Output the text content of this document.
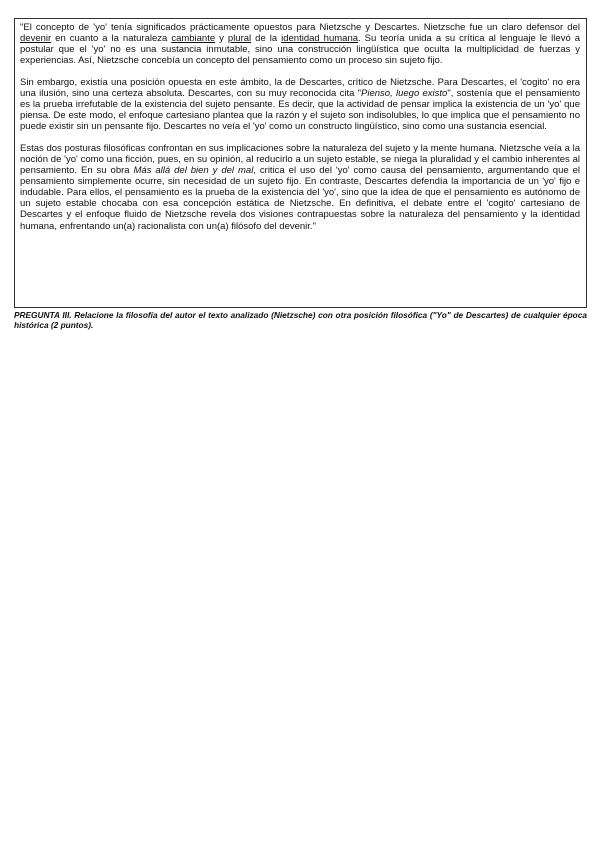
"El concepto de 'yo' tenía significados prácticamente opuestos para Nietzsche y Descartes. Nietzsche fue un claro defensor del devenir en cuanto a la naturaleza cambiante y plural de la identidad humana. Su teoría unida a su crítica al lenguaje le llevó a postular que el 'yo' no es una sustancia inmutable, sino una construcción lingüística que oculta la multiplicidad de fuerzas y experiencias. Así, Nietzsche concebía un concepto del pensamiento como un proceso sin sujeto fijo.

Sin embargo, existía una posición opuesta en este ámbito, la de Descartes, crítico de Nietzsche. Para Descartes, el 'cogito' no era una ilusión, sino una certeza absoluta. Descartes, con su muy reconocida cita "Pienso, luego existo", sostenía que el pensamiento es la prueba irrefutable de la existencia del sujeto pensante. Es decir, que la actividad de pensar implica la existencia de un 'yo' que piensa. De este modo, el enfoque cartesiano plantea que la razón y el sujeto son indisolubles, lo que implica que el pensamiento no puede existir sin un pensante fijo. Descartes no veía el 'yo' como un constructo lingüístico, sino como una sustancia esencial.

Estas dos posturas filosóficas confrontan en sus implicaciones sobre la naturaleza del sujeto y la mente humana. Nietzsche veía a la noción de 'yo' como una ficción, pues, en su opinión, al reducirlo a un sujeto estable, se niega la pluralidad y el cambio inherentes al pensamiento. En su obra Más allá del bien y del mal, critica el uso del 'yo' como causa del pensamiento, argumentando que el pensamiento simplemente ocurre, sin necesidad de un sujeto fijo. En contraste, Descartes defendía la importancia de un 'yo' fijo e indudable. Para ellos, el pensamiento es la prueba de la existencia del 'yo', sino que la idea de que el pensamiento es autónomo de un sujeto estable chocaba con esa concepción estática de Nietzsche. En definitiva, el debate entre el 'cogito' cartesiano de Descartes y el enfoque fluido de Nietzsche revela dos visiones contrapuestas sobre la naturaleza del pensamiento y la identidad humana, enfrentando un(a) racionalista con un(a) filósofo del devenir."

PREGUNTA III. Relacione la filosofía del autor el texto analizado (Nietzsche) con otra posición filosófica ("Yo" de Descartes) de cualquier época histórica (2 puntos).
